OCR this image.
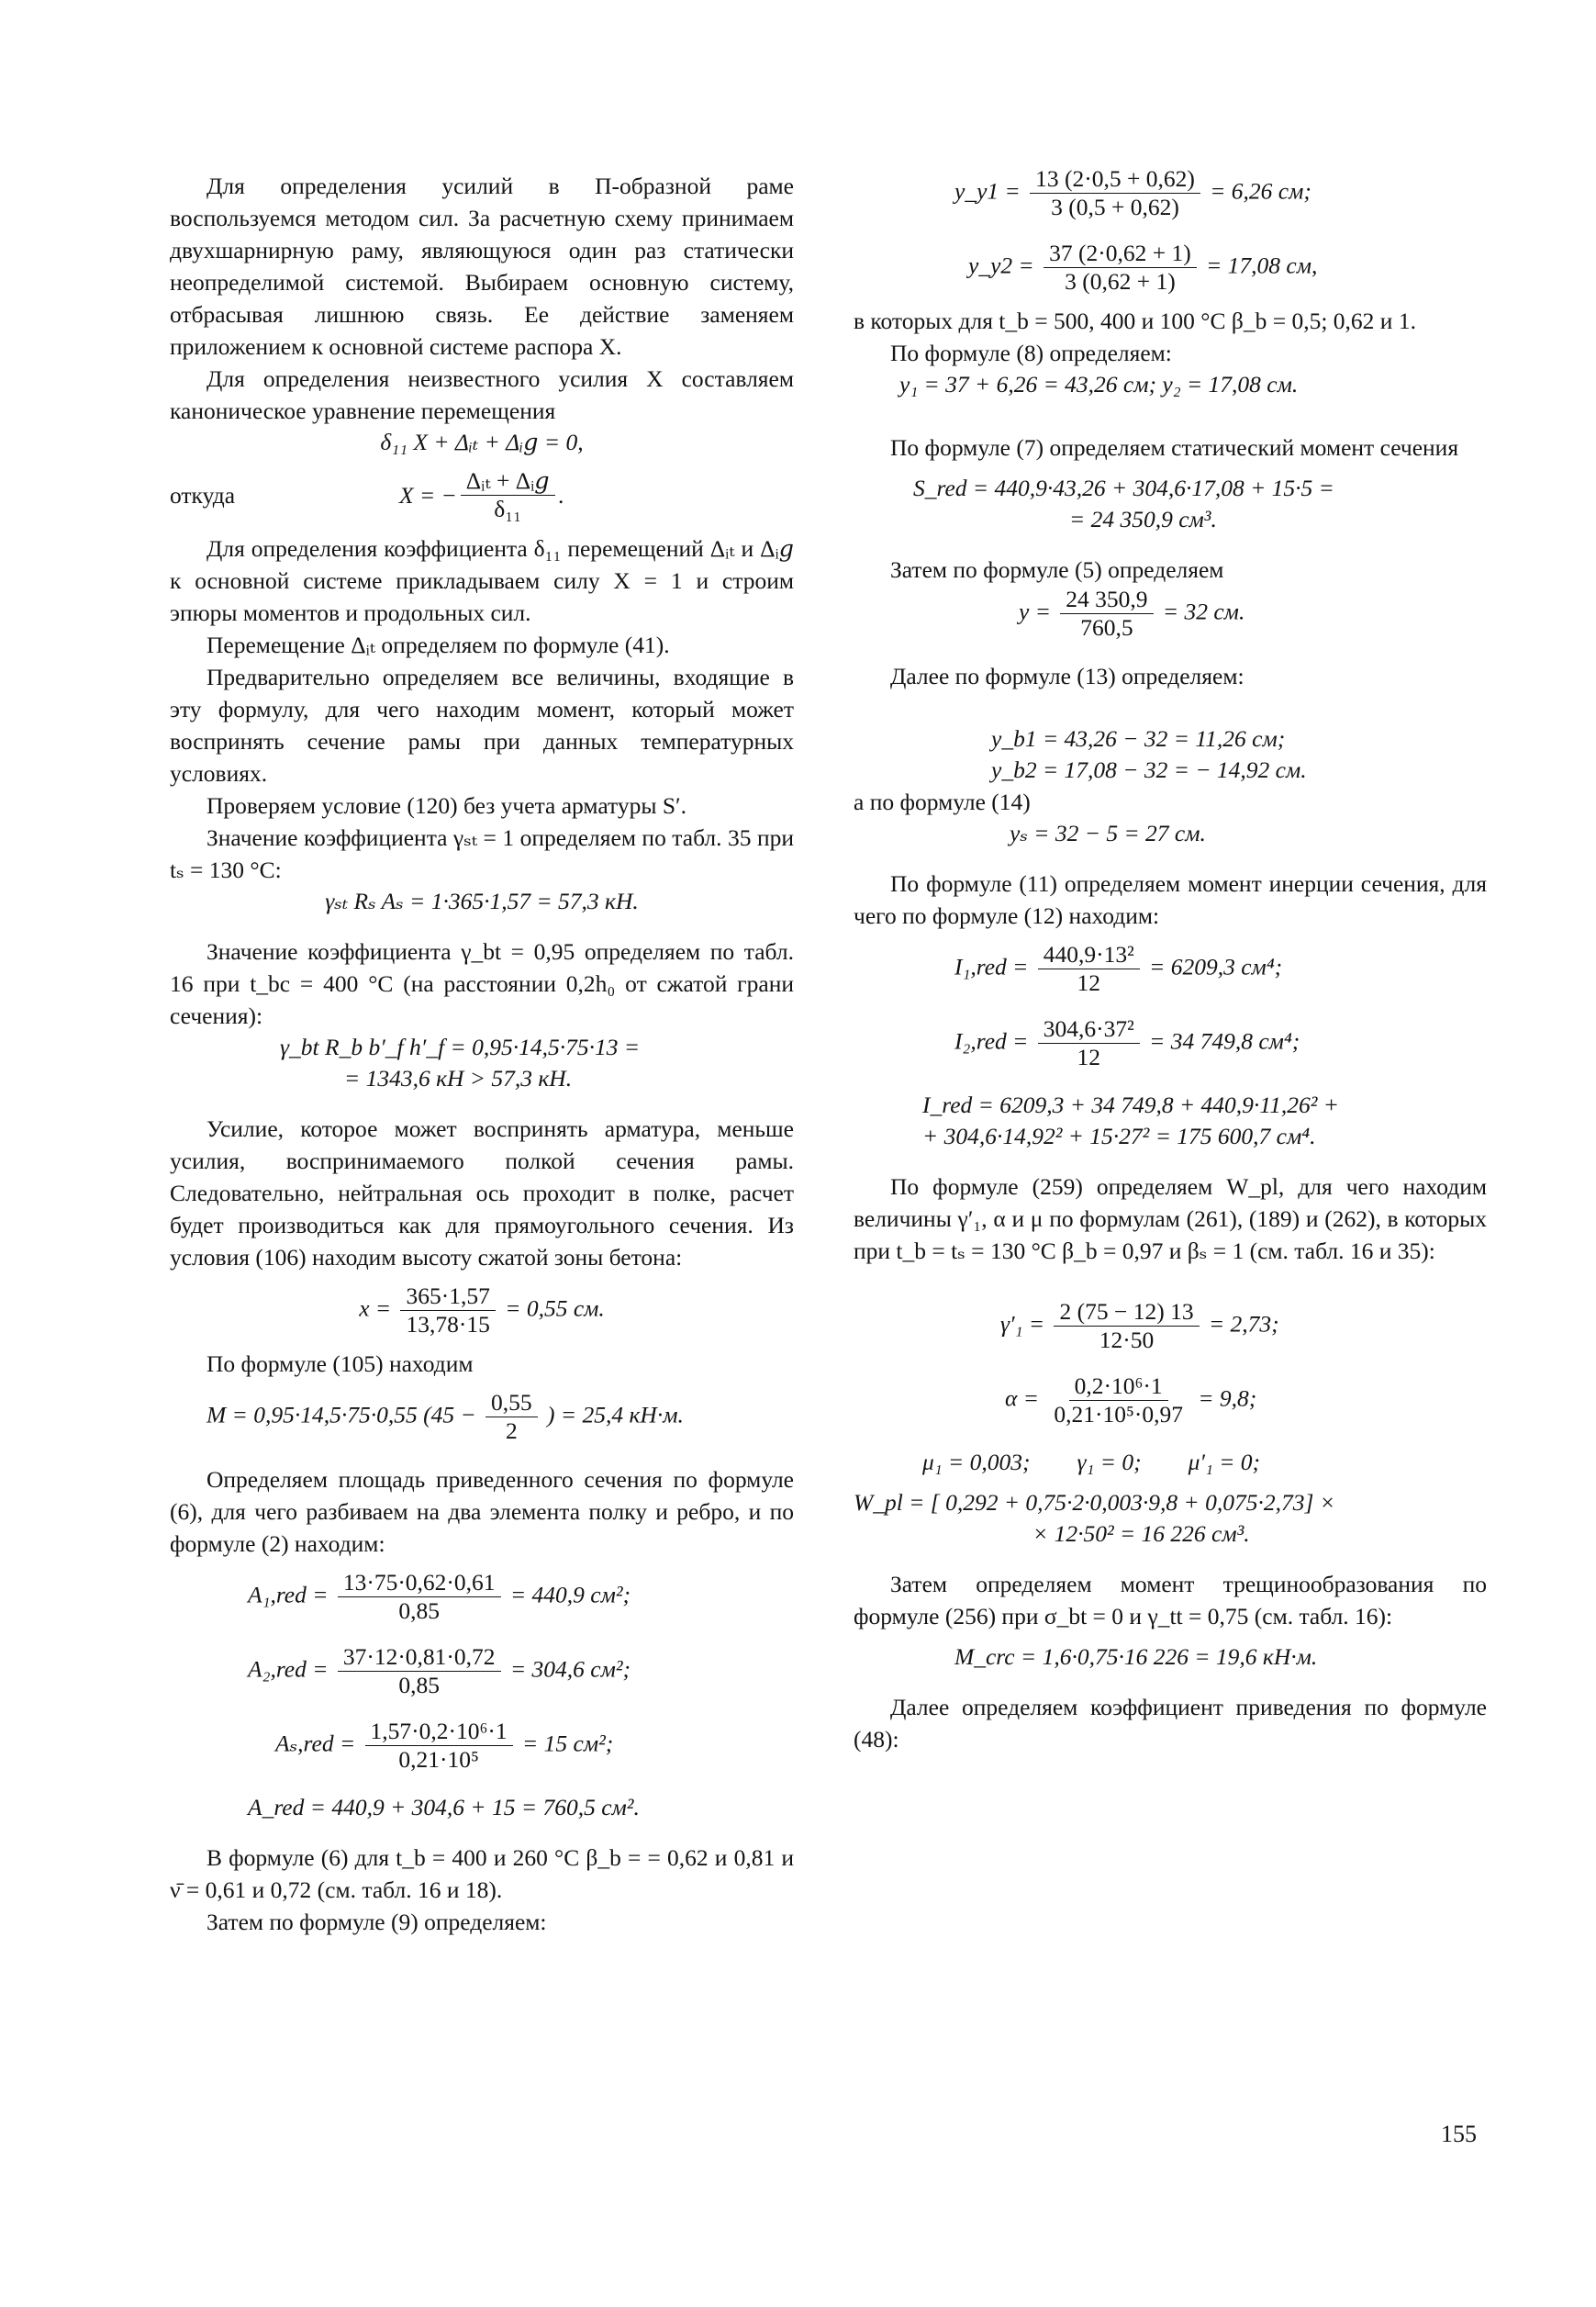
Для определения усилий в П-образной раме воспользуемся методом сил. За расчетную схему принимаем двухшарнирную раму, являющуюся один раз статически неопределимой системой. Выбираем основную систему, отбрасывая лишнюю связь. Ее действие заменяем приложением к основной системе распора X.

Для определения неизвестного усилия X составляем каноническое уравнение перемещения

δ₁₁ X + Δᵢₜ + Δᵢ𝑔 = 0,
откуда	X = − $\frac{\text{Δᵢₜ + Δᵢ𝑔}}{\text{δ₁₁}}$ .

Для определения коэффициента δ₁₁ перемещений Δᵢₜ и Δᵢ𝑔 к основной системе прикладываем силу X = 1 и строим эпюры моментов и продольных сил.

Перемещение Δᵢₜ определяем по формуле (41).

Предварительно определяем все величины, входящие в эту формулу, для чего находим момент, который может воспринять сечение рамы при данных температурных условиях.

Проверяем условие (120) без учета арматуры S′.

Значение коэффициента γₛₜ = 1 определяем по табл. 35 при tₛ = 130 °C:

γₛₜ Rₛ Aₛ = 1·365·1,57 = 57,3 кН.

Значение коэффициента γ_bt = 0,95 определяем по табл. 16 при t_bc = 400 °C (на расстоянии 0,2h₀ от сжатой грани сечения):

γ_bt R_b b′_f h′_f = 0,95·14,5·75·13 =
= 1343,6 кН > 57,3 кН.

Усилие, которое может воспринять арматура, меньше усилия, воспринимаемого полкой сечения рамы. Следовательно, нейтральная ось проходит в полке, расчет будет производиться как для прямоугольного сечения. Из условия (106) находим высоту сжатой зоны бетона:

$x = \frac{365\cdot 1,57}{13,78\cdot 15} = 0,55$ см.

По формуле (105) находим

M = 0,95·14,5·75·0,55 ($45 - \frac{0,55}{2}$ ) = 25,4 кН·м.

Определяем площадь приведенного сечения по формуле (6), для чего разбиваем на два элемента полку и ребро, и по формуле (2) находим:

$A_1,red = \frac{13\cdot 75\cdot 0,62\cdot 0,61}{0,85} = 440,9$ см²;
$A_2,red = \frac{37\cdot 12\cdot 0,81\cdot 0,72}{0,85} = 304,6$ см²;
$A_s,red = \frac{\text{1,57·0,2·10⁶·1}}{\text{0,21·10⁵}} = 15$ см²;
A_red = 440,9 + 304,6 + 15 = 760,5 см².

В формуле (6) для t_b = 400 и 260 °C β_b = = 0,62 и 0,81 и ν̄ = 0,61 и 0,72 (см. табл. 16 и 18).

Затем по формуле (9) определяем:

y_y1 = $\frac{13 (2\cdot 0,5 + 0,62)}{3 (0,5 + 0,62)} = 6,26$ см;
y_y2 = $\frac{37 (2\cdot 0,62 + 1)}{3 (0,62 + 1)} = 17,08$ см,

в которых для t_b = 500, 400 и 100 °C β_b = 0,5; 0,62 и 1.

По формуле (8) определяем:

y₁ = 37 + 6,26 = 43,26 см; y₂ = 17,08 см.

По формуле (7) определяем статический момент сечения

S_red = 440,9·43,26 + 304,6·17,08 + 15·5 =
= 24 350,9 см³.

Затем по формуле (5) определяем

$y = \frac{24 350,9}{760,5} = 32$ см.

Далее по формуле (13) определяем:

y_b1 = 43,26 − 32 = 11,26 см;
y_b2 = 17,08 − 32 = − 14,92 см.

а по формуле (14)

yₛ = 32 − 5 = 27 см.

По формуле (11) определяем момент инерции сечения, для чего по формуле (12) находим:

$I_1,red = \frac{\text{440,9·13²}}{12} = 6209,3$ см⁴;
$I_2,red = \frac{\text{304,6·37²}}{12} = 34$ 749,8 см⁴;
I_red = 6209,3 + 34 749,8 + 440,9·11,26² +
+ 304,6·14,92² + 15·27² = 175 600,7 см⁴.

По формуле (259) определяем W_pl, для чего находим величины γ′₁, α и μ по формулам (261), (189) и (262), в которых при t_b = tₛ = 130 °C β_b = 0,97 и βₛ = 1 (см. табл. 16 и 35):

$\gamma'_1 = \frac{2 (75 - 12) 13}{12\cdot 50} = 2,73$;
$\alpha = \frac{\text{0,2·10⁶·1}}{\text{0,21·10⁵·0,97}} = 9,8$;
μ₁ = 0,003;        γ₁ = 0;        μ′₁ = 0;
W_pl = [ 0,292 + 0,75·2·0,003·9,8 + 0,075·2,73] ×
× 12·50² = 16 226 см³.

Затем определяем момент трещинообразования по формуле (256) при σ_bt = 0 и γ_tt = 0,75 (см. табл. 16):

M_crc = 1,6·0,75·16 226 = 19,6 кН·м.

Далее определяем коэффициент приведения по формуле (48):

155
